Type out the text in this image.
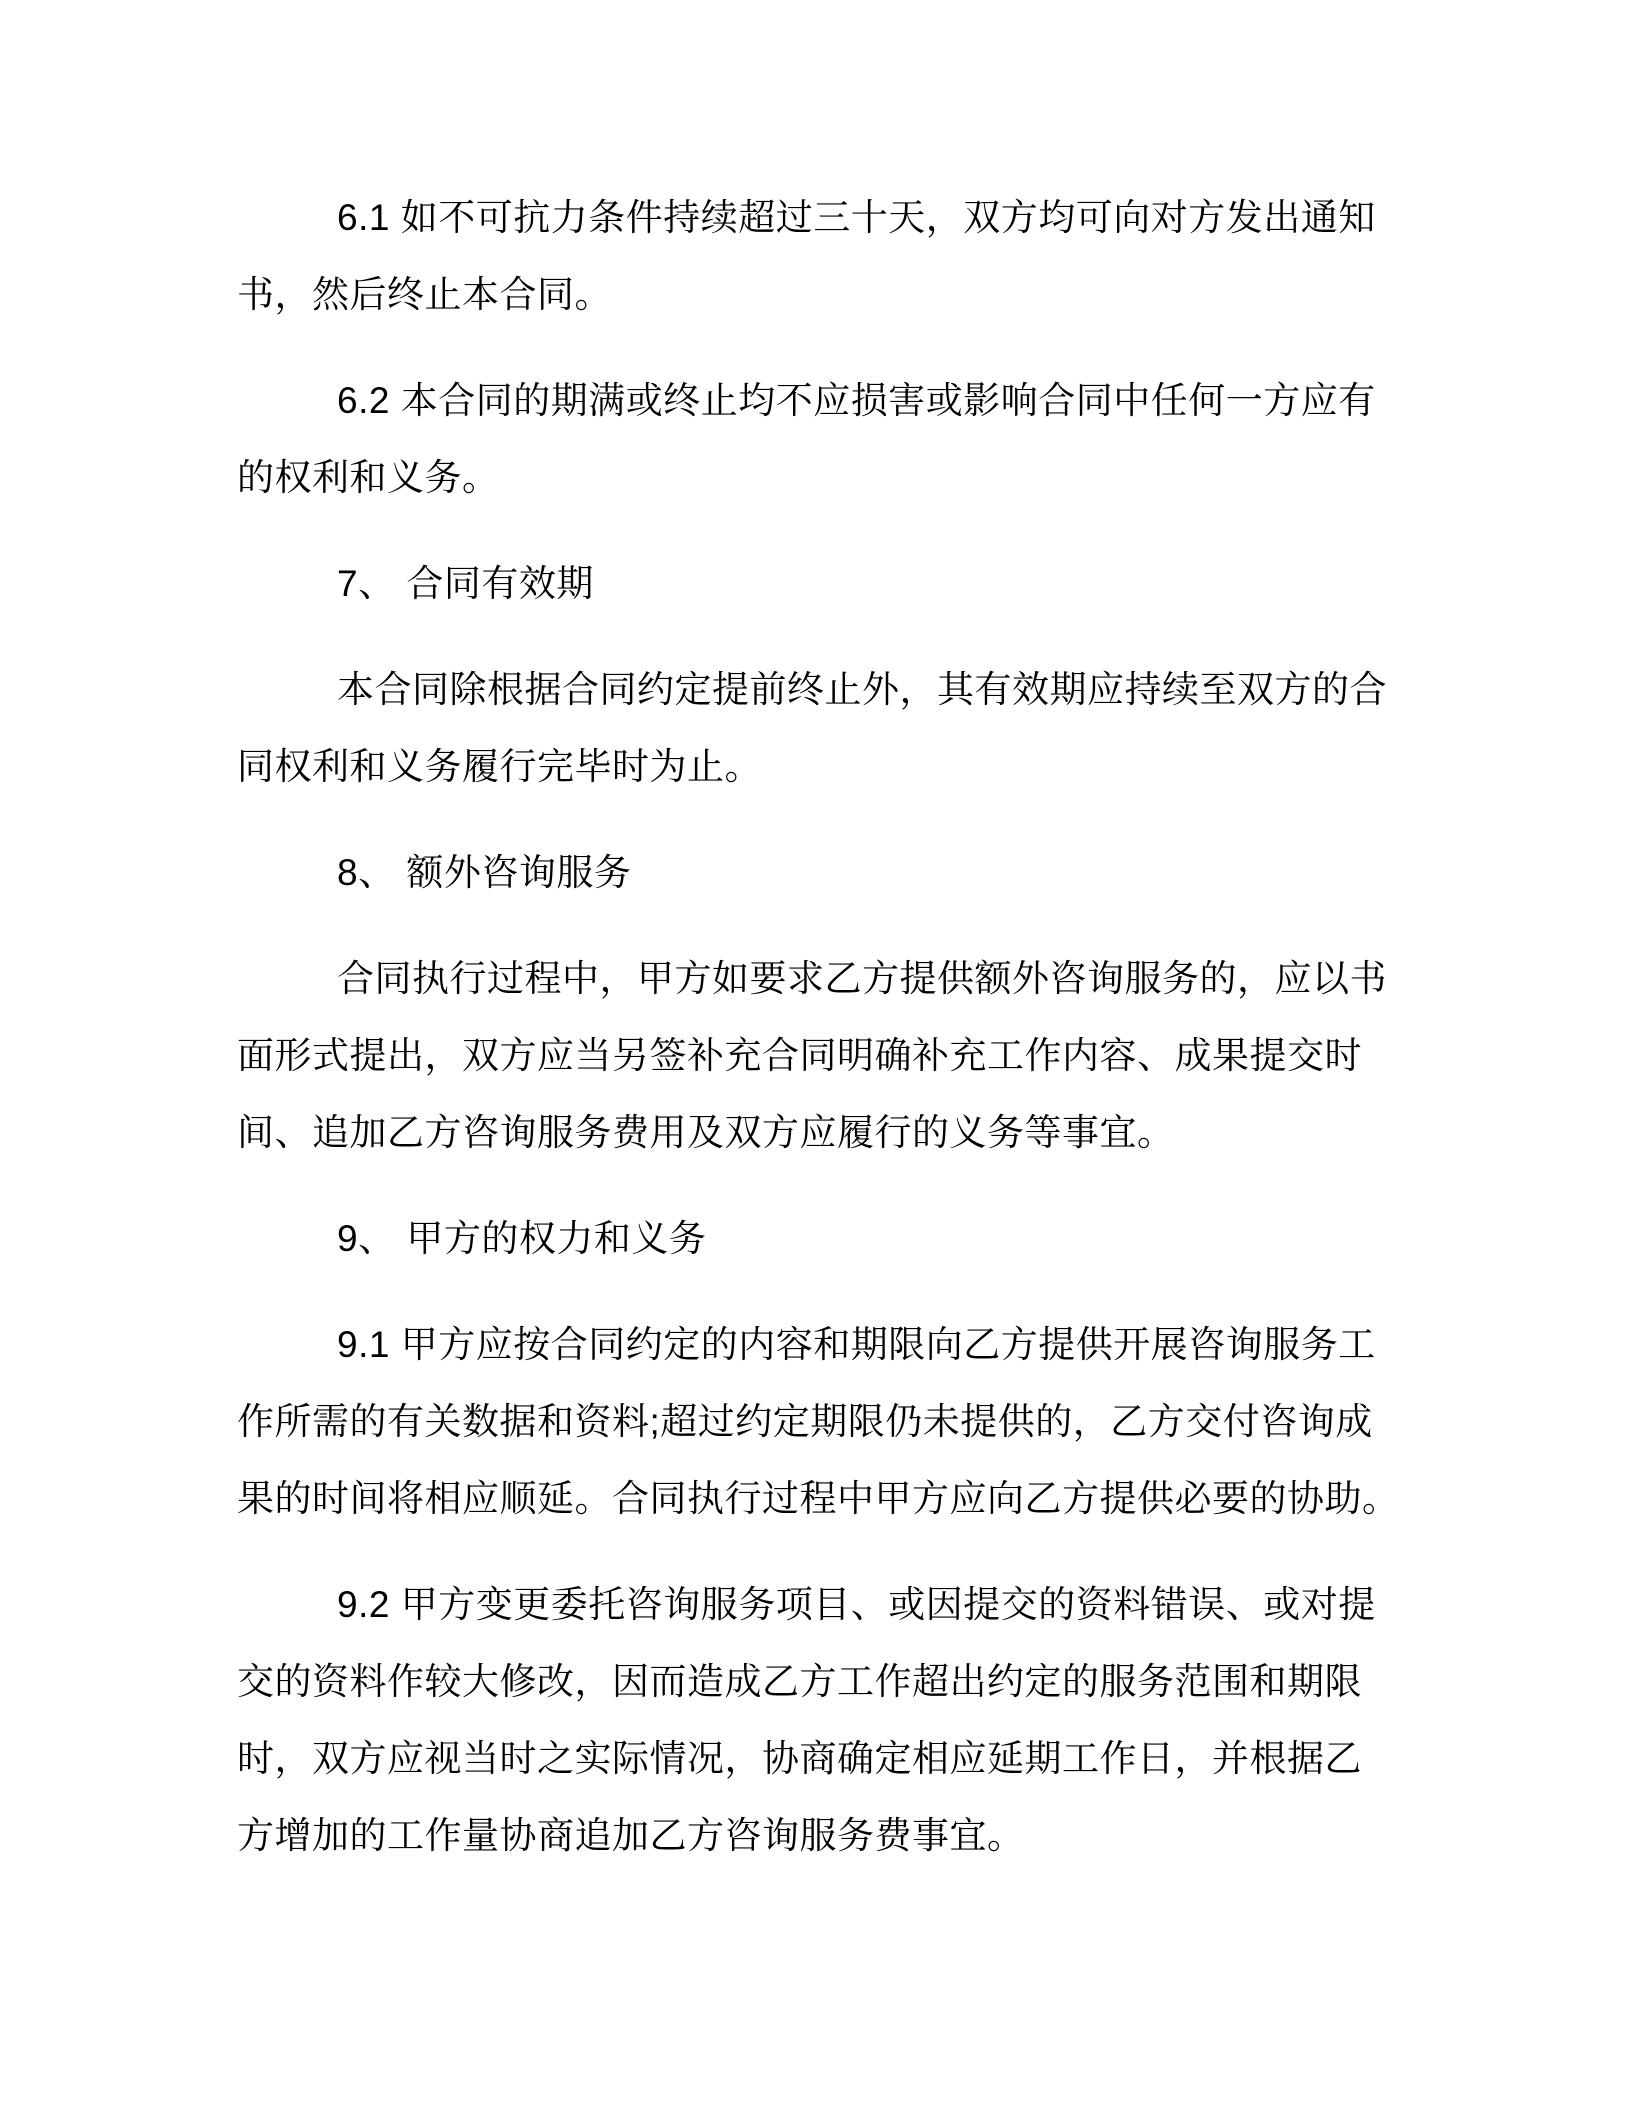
6.1 如不可抗力条件持续超过三十天，双方均可向对方发出通知
书，然后终止本合同。
6.2 本合同的期满或终止均不应损害或影响合同中任何一方应有
的权利和义务。
7、 合同有效期
本合同除根据合同约定提前终止外，其有效期应持续至双方的合
同权利和义务履行完毕时为止。
8、 额外咨询服务
合同执行过程中，甲方如要求乙方提供额外咨询服务的，应以书
面形式提出，双方应当另签补充合同明确补充工作内容、成果提交时
间、追加乙方咨询服务费用及双方应履行的义务等事宜。
9、 甲方的权力和义务
9.1 甲方应按合同约定的内容和期限向乙方提供开展咨询服务工
作所需的有关数据和资料;超过约定期限仍未提供的，乙方交付咨询成
果的时间将相应顺延。合同执行过程中甲方应向乙方提供必要的协助。
9.2 甲方变更委托咨询服务项目、或因提交的资料错误、或对提
交的资料作较大修改，因而造成乙方工作超出约定的服务范围和期限
时，双方应视当时之实际情况，协商确定相应延期工作日，并根据乙
方增加的工作量协商追加乙方咨询服务费事宜。
